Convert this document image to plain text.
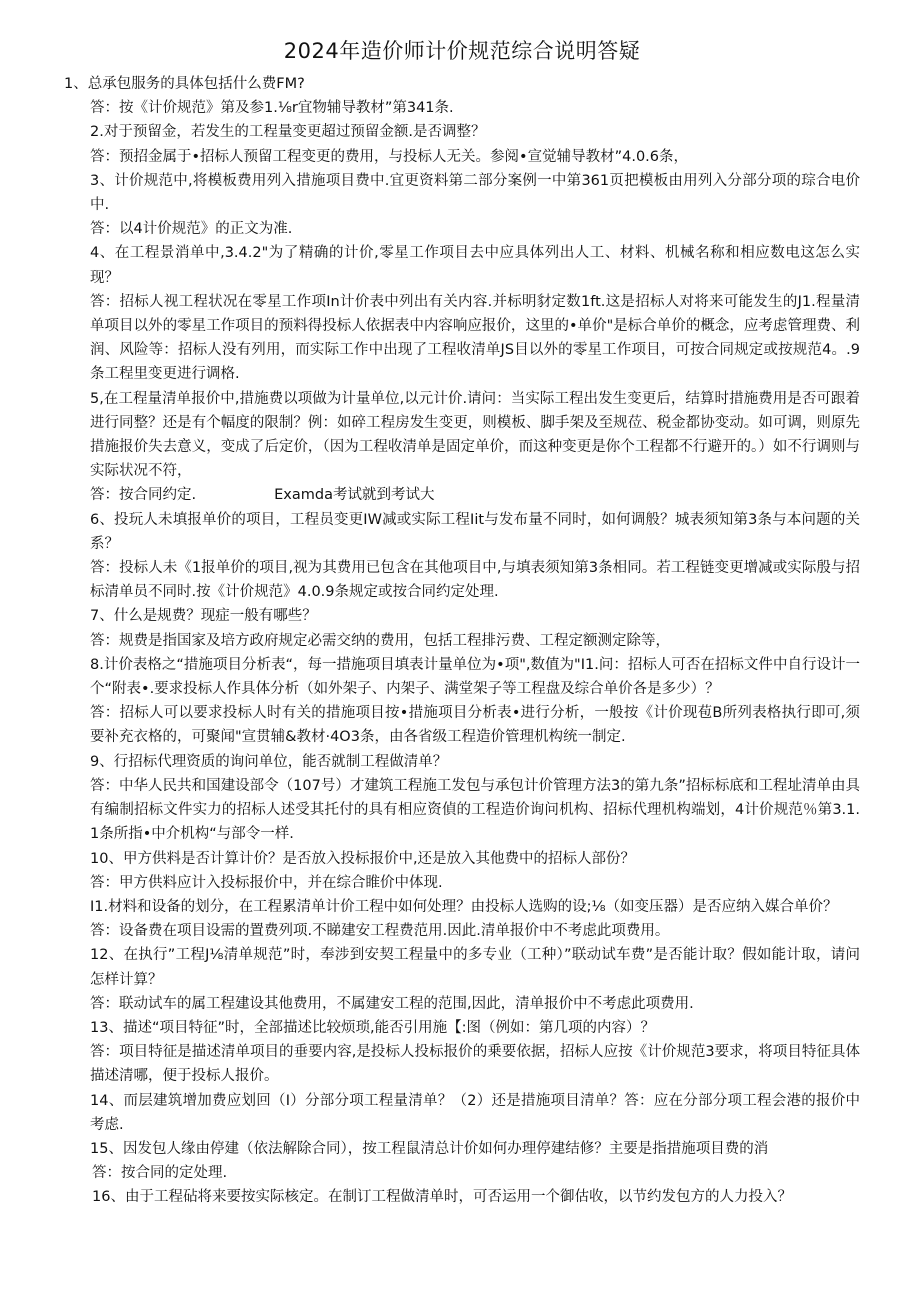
2024年造价师计价规范综合说明答疑

1、总承包服务的具体包括什么费FM?

答：按《计价规范》第及参1.⅛r宜物辅导教材”第341条.

2.对于预留金，若发生的工程量变更超过预留金额.是否调整？

答：预招金属于•招标人预留工程变更的费用，与投标人无关。参阅•宣觉辅导教材”4.0.6条，

3、计价规范中,将模板费用列入措施项目费中.宜更资料第二部分案例一中第361页把模板由用列入分部分项的琮合电价中.

答：以4计价规范》的正文为准.

4、在工程景消单中,3.4.2"为了精确的计价,零星工作项目去中应具体列出人工、材料、机械名称和相应数电这怎么实现？

答：招标人视工程状况在零星工作项In计价表中列出有关内容.并标明豺定数1ft.这是招标人对将来可能发生的J1.程量清单项目以外的零星工作项目的预料得投标人依据表中内容响应报价，这里的•单价"是标合单价的概念，应考虑管理费、利润、风险等：招标人没有列用，而实际工作中出现了工程收清单JS目以外的零星工作项目，可按合同规定或按规范4。.9条工程里变更进行调格.

5,在工程量清单报价中,措施费以项做为计量单位,以元计价.请问：当实际工程出发生变更后，结算时措施费用是否可跟着进行同整？还是有个幅度的限制？例：如碎工程房发生变更，则模板、脚手架及至规莅、税金都协变动。如可调，则原先措施报价失去意义，变成了后定价，（因为工程收清单是固定单价，而这种变更是你个工程都不行避开的。）如不行调则与实际状况不符，

答：按合同约定.	Examda考试就到考试大

6、投玩人未填报单价的项目，工程员变更IW减或实际工程Iit与发布量不同时，如何调般？城表须知第3条与本问题的关系？

答：投标人未《1报单价的项目,视为其费用已包含在其他项目中,与填表须知第3条相同。若工程链变更增减或实际殷与招标清单员不同时.按《计价规范》4.0.9条规定或按合同约定处理.

7、什么是规费？现症一般有哪些？

答：规费是指国家及培方政府规定必需交纳的费用，包括工程排污费、工程定额测定除等，

8.计价表格之“措施项目分析表“，每一措施项目填表计量单位为•项",数值为"I1.问：招标人可否在招标文件中自行设计一个“附表•.要求投标人作具体分析（如外架子、内架子、满堂架子等工程盘及综合单价各是多少）？

答：招标人可以要求投标人时有关的措施项目按•措施项目分析表•进行分析，一般按《计价现苞B所列表格执行即可,须要补充衣格的，可聚闻"宣贯辅&教材·4O3条，由各省级工程造价管理机构统一制定.

9、行招标代理资质的询问单位，能否就制工程做清单？

答：中华人民共和国建设部令（107号）才建筑工程施工发包与承包计价管理方法3的第九条”招标标底和工程址清单由具有编制招标文件实力的招标人述受其托付的具有相应资偵的工程造价询问机构、招标代理机构端划，4计价规范％第3.1.1条所指•中介机构“与部令一样.

10、甲方供料是否计算计价？是否放入投标报价中,还是放入其他费中的招标人部份？

答：甲方供料应计入投标报价中，并在综合睢价中体现.

I1.材料和设备的划分，在工程累清单计价工程中如何处理？由投标人选购的设;⅛（如变压器）是否应纳入媒合单价？

答：设备费在项目设需的置费列项.不睇建安工程费范用.因此.清单报价中不考虑此项费用。

12、在执行”工程J⅛清单规范”时，奉涉到安契工程量中的多专业（工种）”联动试车费”是否能计取？假如能计取，请问怎样计算？

答：联动试车的属工程建设其他费用，不属建安工程的范围,因此，清单报价中不考虑此项费用.

13、描述“项目特征”时，全部描述比较烦琐,能否引用施【:图（例如：第几项的内容）？

答：项目特征是描述清单项目的垂要内容,是投标人投标报价的乗要依据，招标人应按《计价规范3要求，将项目特征具体描述清哪，便于投标人报价。

14、而层建筑增加费应划回（I）分部分项工程量清单？（2）还是措施项目清单？答：应在分部分项工程会港的报价中考虑.

15、因发包人缘由停建（依法解除合同），按工程鼠清总计价如何办理停建结修？主要是指措施项目费的消

答：按合同的定处理.

16、由于工程砧将来要按实际核定。在制订工程做清单时，可否运用一个御估收，以节约发包方的人力投入？
